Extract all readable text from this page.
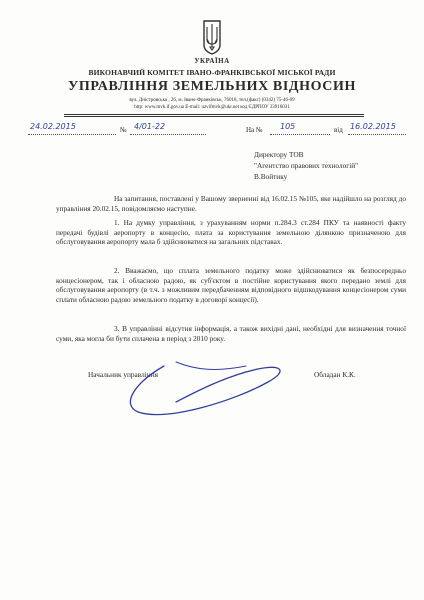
УКРАЇНА
ВИКОНАВЧИЙ КОМІТЕТ ІВАНО-ФРАНКІВСЬКОЇ МІСЬКОЇ РАДИ
УПРАВЛІННЯ ЗЕМЕЛЬНИХ ВІДНОСИН
вул. Дністровська , 26, м. Івано-Франківськ, 76018, тел.(факс) (0342) 75-46-09
http: www.mvk.if.gov.ua E-mail: uzvifmvk@ukr.net код ЄДРПОУ 33916031
24.02.2015	№ 4/01-22	На № 105	від 16.02.2015
Директору ТОВ
"Агентство правових технологій"
В.Войтику
На запитання, поставлені у Вашому зверненні від 16.02.15 №105, яке надійшло на розгляд до управління 20.02.15, повідомляємо наступне.
1. На думку управління, з урахуванням норми п.284.3 ст.284 ПКУ та наявності факту передачі будівлі аеропорту в концесію, плата за користування земельною ділянкою призначеною для обслуговування аеропорту мала б здійснюватися на загальних підставах.
2. Вважаємо, що сплата земельного податку може здійснюватися як безпосередньо концесіонером, так і обласною радою, як суб'єктом в постійне користування якого передано землі для обслуговування аеропорту (в т.ч. з можливим передбаченням відповідного відшкодування концесіонером суми сплати обласною радою земельного податку в договорі концесії).
3. В управлінні відсутня інформація, а також вихідні дані, необхідні для визначення точної суми, яка могла би бути сплачена в період з 2010 року.
Начальник управління	Обладан К.К.
